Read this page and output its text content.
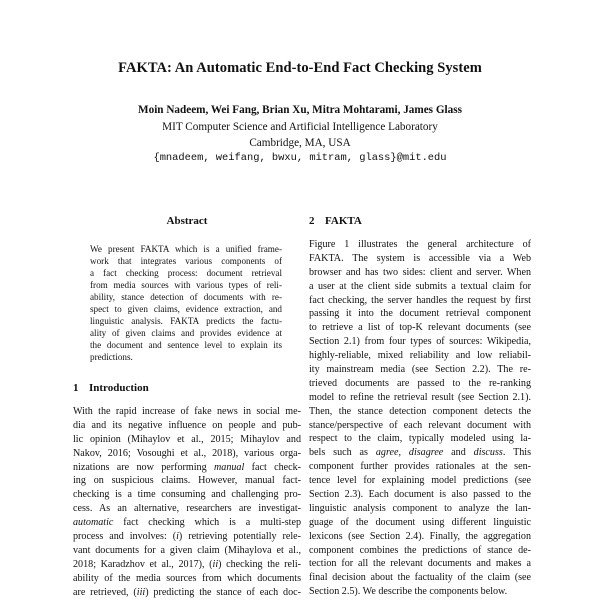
FAKTA: An Automatic End-to-End Fact Checking System
Moin Nadeem, Wei Fang, Brian Xu, Mitra Mohtarami, James Glass
MIT Computer Science and Artificial Intelligence Laboratory
Cambridge, MA, USA
{mnadeem, weifang, bwxu, mitram, glass}@mit.edu
Abstract
We present FAKTA which is a unified frame-
work that integrates various components of
a fact checking process: document retrieval
from media sources with various types of reli-
ability, stance detection of documents with re-
spect to given claims, evidence extraction, and
linguistic analysis. FAKTA predicts the factu-
ality of given claims and provides evidence at
the document and sentence level to explain its
predictions.
1 Introduction
With the rapid increase of fake news in social me-
dia and its negative influence on people and pub-
lic opinion (Mihaylov et al., 2015; Mihaylov and
Nakov, 2016; Vosoughi et al., 2018), various orga-
nizations are now performing manual fact check-
ing on suspicious claims. However, manual fact-
checking is a time consuming and challenging pro-
cess. As an alternative, researchers are investigat-
automatic fact checking which is a multi-step
process and involves: (i) retrieving potentially rele-
vant documents for a given claim (Mihaylova et al.,
2018; Karadzhov et al., 2017), (ii) checking the reli-
ability of the media sources from which documents
are retrieved, (iii) predicting the stance of each doc-
2 FAKTA
Figure 1 illustrates the general architecture of
FAKTA. The system is accessible via a Web
browser and has two sides: client and server. When
a user at the client side submits a textual claim for
fact checking, the server handles the request by first
passing it into the document retrieval component
to retrieve a list of top-K relevant documents (see
Section 2.1) from four types of sources: Wikipedia,
highly-reliable, mixed reliability and low reliabil-
ity mainstream media (see Section 2.2). The re-
trieved documents are passed to the re-ranking
model to refine the retrieval result (see Section 2.1).
Then, the stance detection component detects the
stance/perspective of each relevant document with
respect to the claim, typically modeled using la-
bels such as agree, disagree and discuss. This
component further provides rationales at the sen-
tence level for explaining model predictions (see
Section 2.3). Each document is also passed to the
linguistic analysis component to analyze the lan-
guage of the document using different linguistic
lexicons (see Section 2.4). Finally, the aggregation
component combines the predictions of stance de-
tection for all the relevant documents and makes a
final decision about the factuality of the claim (see
Section 2.5). We describe the components below.
